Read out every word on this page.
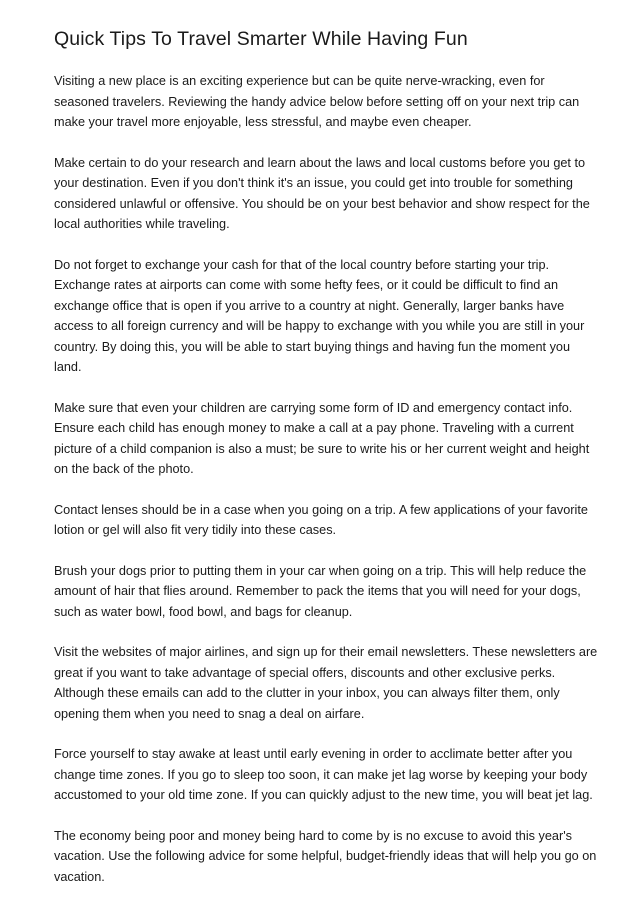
Quick Tips To Travel Smarter While Having Fun

Visiting a new place is an exciting experience but can be quite nerve-wracking, even for seasoned travelers. Reviewing the handy advice below before setting off on your next trip can make your travel more enjoyable, less stressful, and maybe even cheaper.

Make certain to do your research and learn about the laws and local customs before you get to your destination. Even if you don't think it's an issue, you could get into trouble for something considered unlawful or offensive. You should be on your best behavior and show respect for the local authorities while traveling.

Do not forget to exchange your cash for that of the local country before starting your trip. Exchange rates at airports can come with some hefty fees, or it could be difficult to find an exchange office that is open if you arrive to a country at night. Generally, larger banks have access to all foreign currency and will be happy to exchange with you while you are still in your country. By doing this, you will be able to start buying things and having fun the moment you land.

Make sure that even your children are carrying some form of ID and emergency contact info. Ensure each child has enough money to make a call at a pay phone. Traveling with a current picture of a child companion is also a must; be sure to write his or her current weight and height on the back of the photo.

Contact lenses should be in a case when you going on a trip. A few applications of your favorite lotion or gel will also fit very tidily into these cases.

Brush your dogs prior to putting them in your car when going on a trip. This will help reduce the amount of hair that flies around. Remember to pack the items that you will need for your dogs, such as water bowl, food bowl, and bags for cleanup.

Visit the websites of major airlines, and sign up for their email newsletters. These newsletters are great if you want to take advantage of special offers, discounts and other exclusive perks. Although these emails can add to the clutter in your inbox, you can always filter them, only opening them when you need to snag a deal on airfare.

Force yourself to stay awake at least until early evening in order to acclimate better after you change time zones. If you go to sleep too soon, it can make jet lag worse by keeping your body accustomed to your old time zone. If you can quickly adjust to the new time, you will beat jet lag.

The economy being poor and money being hard to come by is no excuse to avoid this year's vacation. Use the following advice for some helpful, budget-friendly ideas that will help you go on vacation.
